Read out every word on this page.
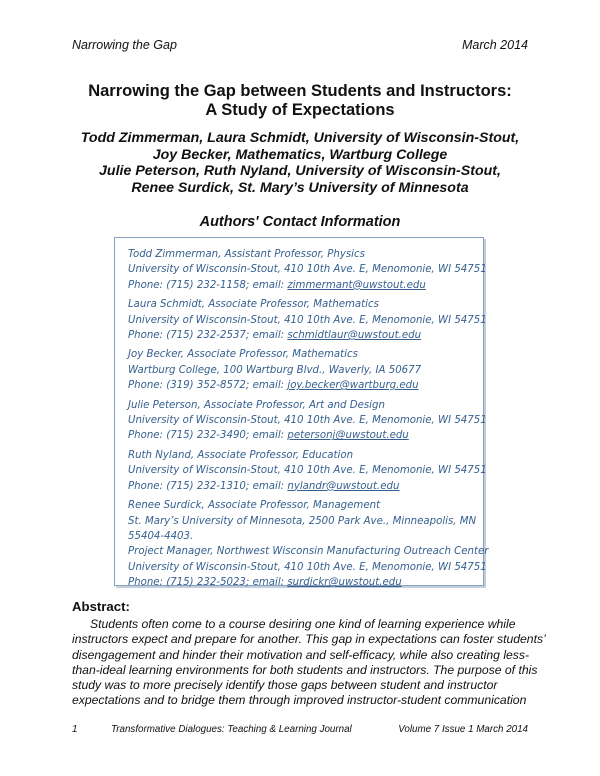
Narrowing the Gap	March 2014
Narrowing the Gap between Students and Instructors:
A Study of Expectations
Todd Zimmerman, Laura Schmidt, University of Wisconsin-Stout,
Joy Becker, Mathematics, Wartburg College
Julie Peterson, Ruth Nyland, University of Wisconsin-Stout,
Renee Surdick, St. Mary’s University of Minnesota
Authors' Contact Information
Todd Zimmerman, Assistant Professor, Physics
University of Wisconsin-Stout, 410 10th Ave. E, Menomonie, WI 54751
Phone: (715) 232-1158; email: zimmermant@uwstout.edu
Laura Schmidt, Associate Professor, Mathematics
University of Wisconsin-Stout, 410 10th Ave. E, Menomonie, WI 54751
Phone: (715) 232-2537; email: schmidtlaur@uwstout.edu
Joy Becker, Associate Professor, Mathematics
Wartburg College, 100 Wartburg Blvd., Waverly, IA 50677
Phone: (319) 352-8572; email: joy.becker@wartburg.edu
Julie Peterson, Associate Professor, Art and Design
University of Wisconsin-Stout, 410 10th Ave. E, Menomonie, WI 54751
Phone: (715) 232-3490; email: petersonj@uwstout.edu
Ruth Nyland, Associate Professor, Education
University of Wisconsin-Stout, 410 10th Ave. E, Menomonie, WI 54751
Phone: (715) 232-1310; email: nylandr@uwstout.edu
Renee Surdick, Associate Professor, Management
St. Mary’s University of Minnesota, 2500 Park Ave., Minneapolis, MN
55404-4403.
Project Manager, Northwest Wisconsin Manufacturing Outreach Center
University of Wisconsin-Stout, 410 10th Ave. E, Menomonie, WI 54751
Phone: (715) 232-5023; email: surdickr@uwstout.edu
Abstract:
Students often come to a course desiring one kind of learning experience while
instructors expect and prepare for another. This gap in expectations can foster students’
disengagement and hinder their motivation and self-efficacy, while also creating less-
than-ideal learning environments for both students and instructors. The purpose of this
study was to more precisely identify those gaps between student and instructor
expectations and to bridge them through improved instructor-student communication
1	Transformative Dialogues: Teaching & Learning Journal	Volume 7 Issue 1 March 2014
